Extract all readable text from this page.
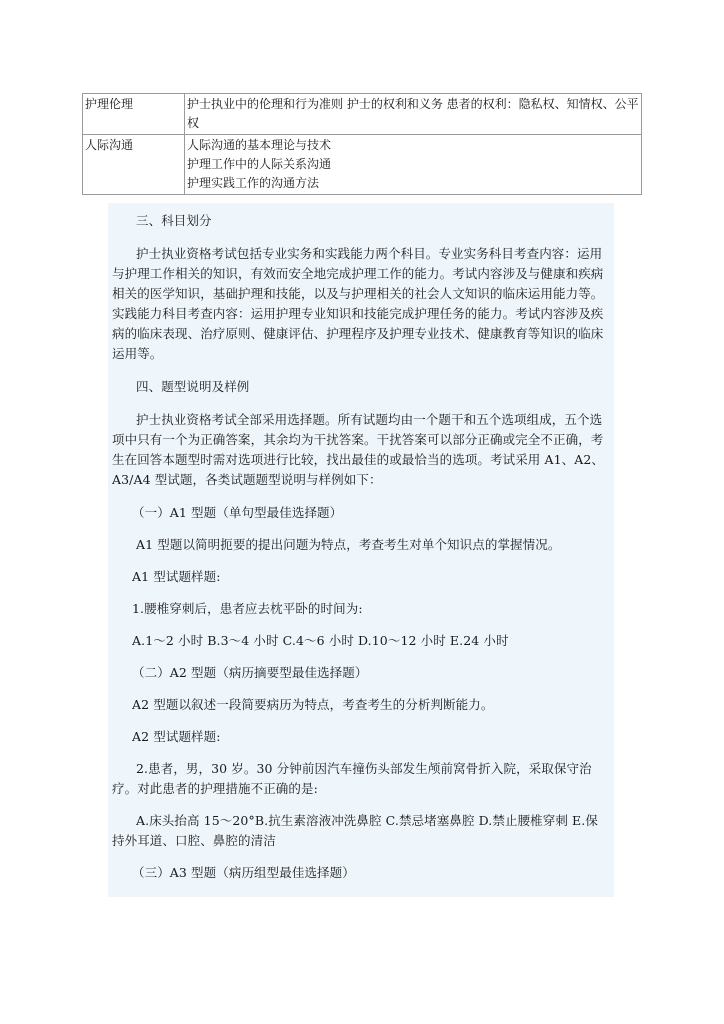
护理伦理	护士执业中的伦理和行为准则 护士的权利和义务 患者的权利：隐私权、知情权、公平权

人际沟通	人际沟通的基本理论与技术
护理工作中的人际关系沟通
护理实践工作的沟通方法

三、科目划分

护士执业资格考试包括专业实务和实践能力两个科目。专业实务科目考查内容：运用与护理工作相关的知识，有效而安全地完成护理工作的能力。考试内容涉及与健康和疾病相关的医学知识，基础护理和技能，以及与护理相关的社会人文知识的临床运用能力等。实践能力科目考查内容：运用护理专业知识和技能完成护理任务的能力。考试内容涉及疾病的临床表现、治疗原则、健康评估、护理程序及护理专业技术、健康教育等知识的临床运用等。

四、题型说明及样例

护士执业资格考试全部采用选择题。所有试题均由一个题干和五个选项组成，五个选项中只有一个为正确答案，其余均为干扰答案。干扰答案可以部分正确或完全不正确，考生在回答本题型时需对选项进行比较，找出最佳的或最恰当的选项。考试采用 A1、A2、A3/A4 型试题，各类试题题型说明与样例如下：

（一）A1 型题（单句型最佳选择题）

A1 型题以简明扼要的提出问题为特点，考查考生对单个知识点的掌握情况。

A1 型试题样题:

1.腰椎穿刺后，患者应去枕平卧的时间为:

A.1～2 小时 B.3～4 小时 C.4～6 小时 D.10～12 小时 E.24 小时

（二）A2 型题（病历摘要型最佳选择题）

A2 型题以叙述一段简要病历为特点，考查考生的分析判断能力。

A2 型试题样题:

2.患者，男，30 岁。30 分钟前因汽车撞伤头部发生颅前窝骨折入院，采取保守治疗。对此患者的护理措施不正确的是:

A.床头抬高 15～20°B.抗生素溶液冲洗鼻腔 C.禁忌堵塞鼻腔 D.禁止腰椎穿刺 E.保持外耳道、口腔、鼻腔的清洁

（三）A3 型题（病历组型最佳选择题）
